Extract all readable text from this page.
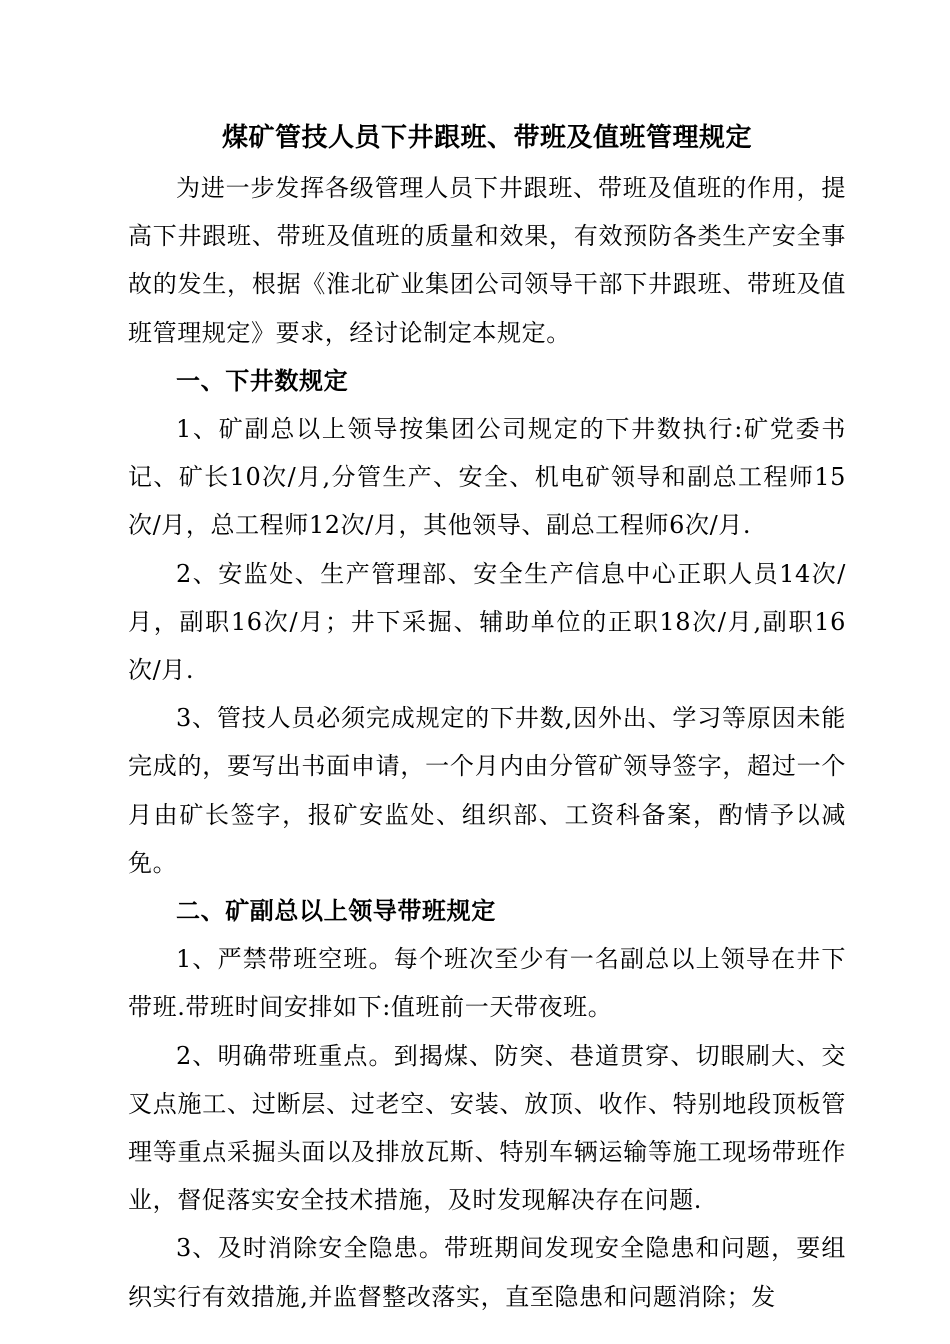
煤矿管技人员下井跟班、带班及值班管理规定

为进一步发挥各级管理人员下井跟班、带班及值班的作用，提高下井跟班、带班及值班的质量和效果，有效预防各类生产安全事故的发生，根据《淮北矿业集团公司领导干部下井跟班、带班及值班管理规定》要求，经讨论制定本规定。

一、下井数规定

1、矿副总以上领导按集团公司规定的下井数执行:矿党委书记、矿长10次/月,分管生产、安全、机电矿领导和副总工程师15次/月，总工程师12次/月，其他领导、副总工程师6次/月.

2、安监处、生产管理部、安全生产信息中心正职人员14次/月，副职16次/月；井下采掘、辅助单位的正职18次/月,副职16次/月.

3、管技人员必须完成规定的下井数,因外出、学习等原因未能完成的，要写出书面申请，一个月内由分管矿领导签字，超过一个月由矿长签字，报矿安监处、组织部、工资科备案，酌情予以减免。

二、矿副总以上领导带班规定

1、严禁带班空班。每个班次至少有一名副总以上领导在井下带班.带班时间安排如下:值班前一天带夜班。

2、明确带班重点。到揭煤、防突、巷道贯穿、切眼刷大、交叉点施工、过断层、过老空、安装、放顶、收作、特别地段顶板管理等重点采掘头面以及排放瓦斯、特别车辆运输等施工现场带班作业，督促落实安全技术措施，及时发现解决存在问题.

3、及时消除安全隐患。带班期间发现安全隐患和问题，要组织实行有效措施,并监督整改落实，直至隐患和问题消除；发
